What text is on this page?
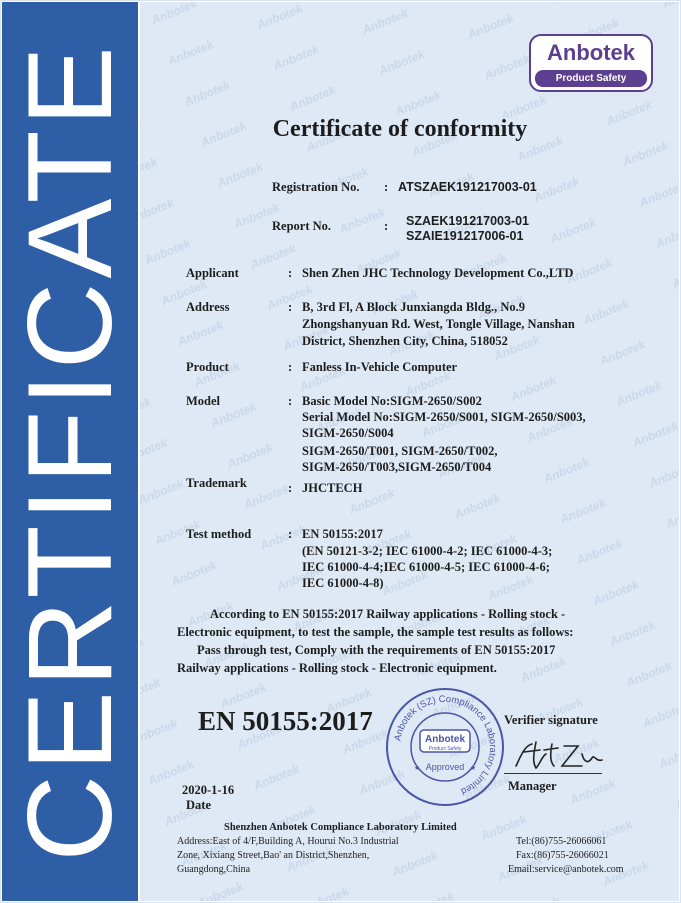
CERTIFICATE	Anbotek
Product Safety
Certificate of conformity
Registration No. : ATSZAEK191217003-01
Report No.	: SZAEK191217003-01
SZAIE191217006-01
Applicant	: Shen Zhen JHC Technology Development Co.,LTD
Address	: B, 3rd Fl, A Block Junxiangda Bldg., No.9
Zhongshanyuan Rd. West, Tongle Village, Nanshan
District, Shenzhen City, China, 518052
Product	: Fanless In-Vehicle Computer
Model	: Basic Model No:SIGM-2650/S002
Serial Model No:SIGM-2650/S001, SIGM-2650/S003,
SIGM-2650/S004
SIGM-2650/T001, SIGM-2650/T002,
SIGM-2650/T003,SIGM-2650/T004
Trademark	: JHCTECH
Test method	: EN 50155:2017
(EN 50121-3-2; IEC 61000-4-2; IEC 61000-4-3;
IEC 61000-4-4;IEC 61000-4-5; IEC 61000-4-6;
IEC 61000-4-8)
According to EN 50155:2017 Railway applications - Rolling stock -
Electronic equipment, to test the sample, the sample test results as follows:
Pass through test, Comply with the requirements of EN 50155:2017
Railway applications - Rolling stock - Electronic equipment.
EN 50155:2017
Anbotek (SZ) Compliance Laboratory Limited
Anbotek
Product Safety
Approved
★	★
Verifier signature
Manager
2020-1-16
Date
Shenzhen Anbotek Compliance Laboratory Limited
Address:East of 4/F,Building A, Hourui No.3 Industrial
Zone, Xixiang Street,Bao' an District,Shenzhen,
Guangdong,China
Tel:(86)755-26066061
Fax:(86)755-26066021
Email:service@anbotek.com
